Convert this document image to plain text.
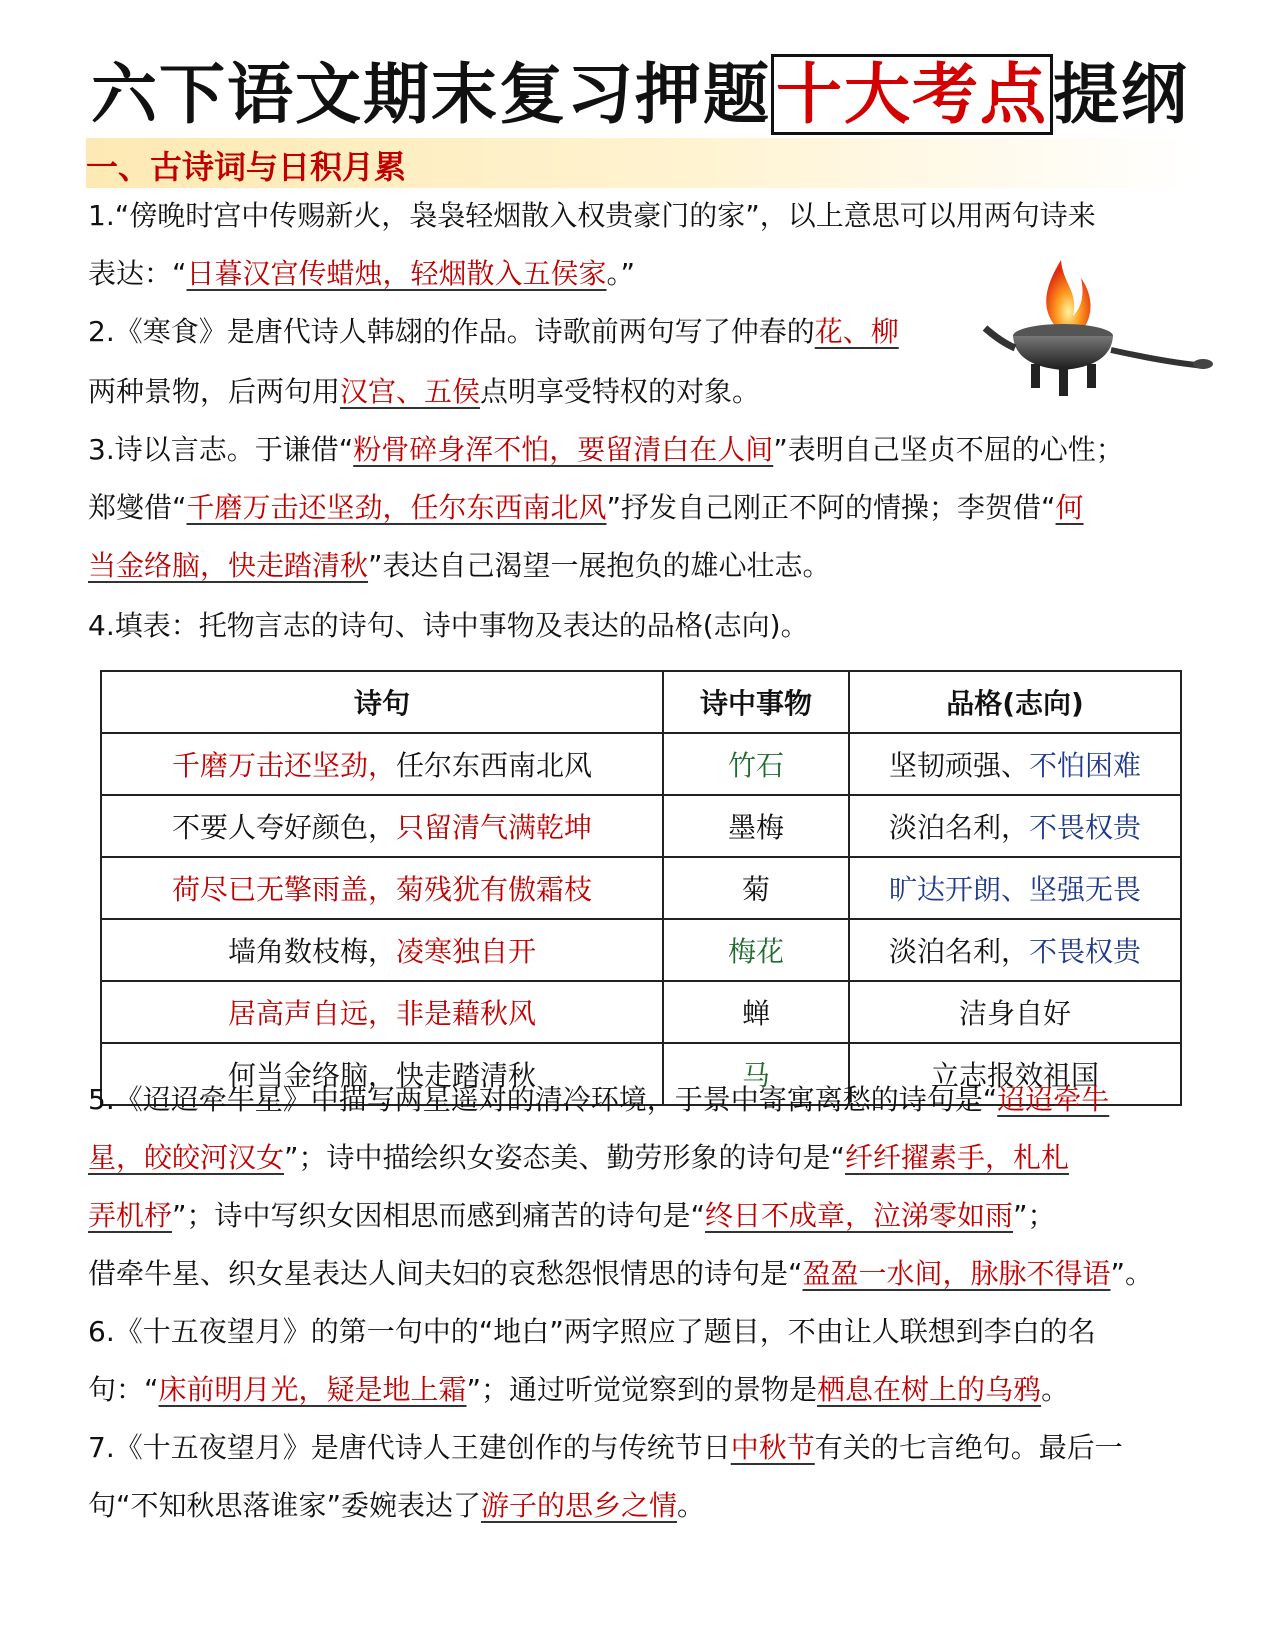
六下语文期末复习押题十大考点提纲
一、古诗词与日积月累
1.“傍晚时宫中传赐新火，袅袅轻烟散入权贵豪门的家”，以上意思可以用两句诗来
表达：“日暮汉宫传蜡烛，轻烟散入五侯家。”
2.《寒食》是唐代诗人韩翃的作品。诗歌前两句写了仲春的花、柳
两种景物，后两句用汉宫、五侯点明享受特权的对象。
3.诗以言志。于谦借“粉骨碎身浑不怕，要留清白在人间”表明自己坚贞不屈的心性；
郑燮借“千磨万击还坚劲，任尔东西南北风”抒发自己刚正不阿的情操；李贺借“何
当金络脑，快走踏清秋”表达自己渴望一展抱负的雄心壮志。
4.填表：托物言志的诗句、诗中事物及表达的品格(志向)。
诗句	诗中事物	品格(志向)
千磨万击还坚劲，任尔东西南北风	竹石	坚韧顽强、不怕困难
不要人夸好颜色，只留清气满乾坤	墨梅	淡泊名利，不畏权贵
荷尽已无擎雨盖，菊残犹有傲霜枝	菊	旷达开朗、坚强无畏
墙角数枝梅，凌寒独自开	梅花	淡泊名利，不畏权贵
居高声自远，非是藉秋风	蝉	洁身自好
何当金络脑，快走踏清秋	马	立志报效祖国
5.《迢迢牵牛星》中描写两星遥对的清冷环境，于景中寄寓离愁的诗句是“迢迢牵牛
星，皎皎河汉女”；诗中描绘织女姿态美、勤劳形象的诗句是“纤纤擢素手，札札
弄机杼”；诗中写织女因相思而感到痛苦的诗句是“终日不成章，泣涕零如雨”；
借牵牛星、织女星表达人间夫妇的哀愁怨恨情思的诗句是“盈盈一水间，脉脉不得语”。
6.《十五夜望月》的第一句中的“地白”两字照应了题目，不由让人联想到李白的名
句：“床前明月光，疑是地上霜”；通过听觉觉察到的景物是栖息在树上的乌鸦。
7.《十五夜望月》是唐代诗人王建创作的与传统节日中秋节有关的七言绝句。最后一
句“不知秋思落谁家”委婉表达了游子的思乡之情。
